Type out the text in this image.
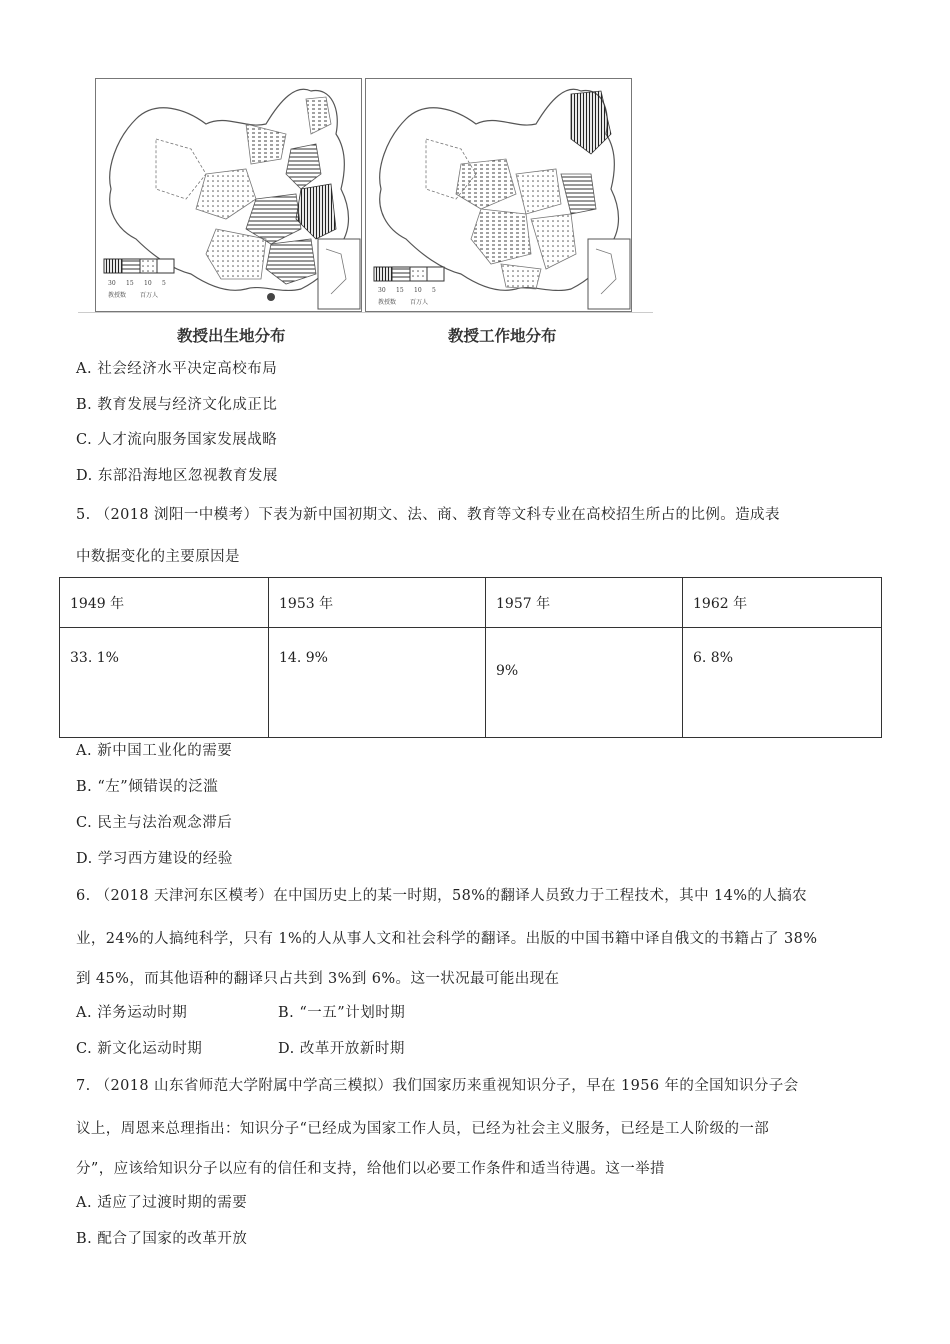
30 15 10 5
教授数 百万人
30 15 10 5
教授数 百万人
教授出生地分布	教授工作地分布
A. 社会经济水平决定高校布局
B. 教育发展与经济文化成正比
C. 人才流向服务国家发展战略
D. 东部沿海地区忽视教育发展
5. （2018 浏阳一中模考）下表为新中国初期文、法、商、教育等文科专业在高校招生所占的比例。造成表
中数据变化的主要原因是
1949 年	1953 年	1957 年	1962 年
33. 1%	14. 9%	9%	6. 8%
A. 新中国工业化的需要
B. “左”倾错误的泛滥
C. 民主与法治观念滞后
D. 学习西方建设的经验
6. （2018 天津河东区模考）在中国历史上的某一时期，58%的翻译人员致力于工程技术，其中 14%的人搞农
业，24%的人搞纯科学，只有 1%的人从事人文和社会科学的翻译。出版的中国书籍中译自俄文的书籍占了 38%
到 45%，而其他语种的翻译只占共到 3%到 6%。这一状况最可能出现在
A. 洋务运动时期	B. “一五”计划时期
C. 新文化运动时期	D. 改革开放新时期
7. （2018 山东省师范大学附属中学高三模拟）我们国家历来重视知识分子，早在 1956 年的全国知识分子会
议上，周恩来总理指出：知识分子“已经成为国家工作人员，已经为社会主义服务，已经是工人阶级的一部
分”，应该给知识分子以应有的信任和支持，给他们以必要工作条件和适当待遇。这一举措
A. 适应了过渡时期的需要
B. 配合了国家的改革开放
